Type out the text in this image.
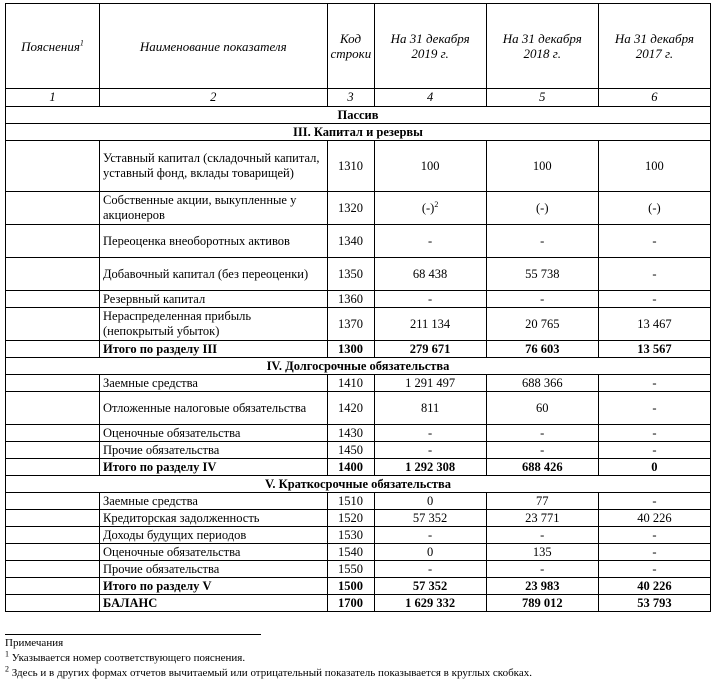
Пояснения$^1$	Наименование показателя	Код строки	На 31 декабря 2019 г.	На 31 декабря 2018 г.	На 31 декабря 2017 г.
1	2	3	4	5	6
Пассив					
III. Капитал и резервы					
	Уставный капитал (складочный капитал, уставный фонд, вклады товарищей)	1310	100	100	100
	Собственные акции, выкупленные у акционеров	1320	$(-)^2$	(-)	(-)
	Переоценка внеоборотных активов	1340	-	-	-
	Добавочный капитал (без переоценки)	1350	68 438	55 738	-
	Резервный капитал	1360	-	-	-
	Нераспределенная прибыль (непокрытый убыток)	1370	211 134	20 765	13 467
	Итого по разделу III	1300	279 671	76 603	13 567
IV. Долгосрочные обязательства					
	Заемные средства	1410	1 291 497	688 366	-
	Отложенные налоговые обязательства	1420	811	60	-
	Оценочные обязательства	1430	-	-	-
	Прочие обязательства	1450	-	-	-
	Итого по разделу IV	1400	1 292 308	688 426	0
V. Краткосрочные обязательства					
	Заемные средства	1510	0	77	-
	Кредиторская задолженность	1520	57 352	23 771	40 226
	Доходы будущих периодов	1530	-	-	-
	Оценочные обязательства	1540	0	135	-
	Прочие обязательства	1550	-	-	-
	Итого по разделу V	1500	57 352	23 983	40 226
	БАЛАНС	1700	1 629 332	789 012	53 793
Примечания
$^1$ Указывается номер соответствующего пояснения.
$^2$ Здесь и в других формах отчетов вычитаемый или отрицательный показатель показывается в круглых скобках.
